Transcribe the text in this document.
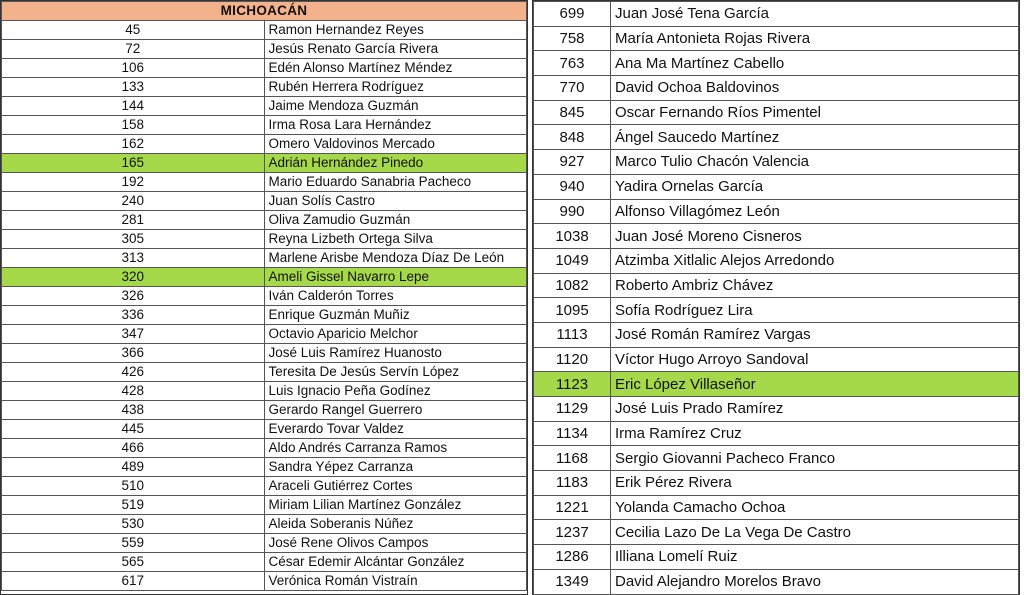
MICHOACÁN	
45	Ramon Hernandez Reyes
72	Jesús Renato García Rivera
106	Edén Alonso Martínez Méndez
133	Rubén Herrera Rodríguez
144	Jaime Mendoza Guzmán
158	Irma Rosa Lara Hernández
162	Omero Valdovinos Mercado
165	Adrián Hernández Pinedo
192	Mario Eduardo Sanabria Pacheco
240	Juan Solís Castro
281	Oliva Zamudio Guzmán
305	Reyna Lizbeth Ortega Silva
313	Marlene Arisbe Mendoza Díaz De León
320	Ameli Gissel Navarro Lepe
326	Iván Calderón Torres
336	Enrique Guzmán Muñiz
347	Octavio Aparicio Melchor
366	José Luis Ramírez Huanosto
426	Teresita De Jesús Servín López
428	Luis Ignacio Peña Godínez
438	Gerardo Rangel Guerrero
445	Everardo Tovar Valdez
466	Aldo Andrés Carranza Ramos
489	Sandra Yépez Carranza
510	Araceli Gutiérrez Cortes
519	Miriam Lilian Martínez González
530	Aleida Soberanis Núñez
559	José Rene Olivos Campos
565	César Edemir Alcántar González
617	Verónica Román Vistraín
699	Juan José Tena García
758	María Antonieta Rojas Rivera
763	Ana Ma Martínez Cabello
770	David Ochoa Baldovinos
845	Oscar Fernando Ríos Pimentel
848	Ángel Saucedo Martínez
927	Marco Tulio Chacón Valencia
940	Yadira Ornelas García
990	Alfonso Villagómez León
1038	Juan José Moreno Cisneros
1049	Atzimba Xitlalic Alejos Arredondo
1082	Roberto Ambriz Chávez
1095	Sofía Rodríguez Lira
1113	José Román Ramírez Vargas
1120	Víctor Hugo Arroyo Sandoval
1123	Eric López Villaseñor
1129	José Luis Prado Ramírez
1134	Irma Ramírez Cruz
1168	Sergio Giovanni Pacheco Franco
1183	Erik Pérez Rivera
1221	Yolanda Camacho Ochoa
1237	Cecilia Lazo De La Vega De Castro
1286	Illiana Lomelí Ruiz
1349	David Alejandro Morelos Bravo
